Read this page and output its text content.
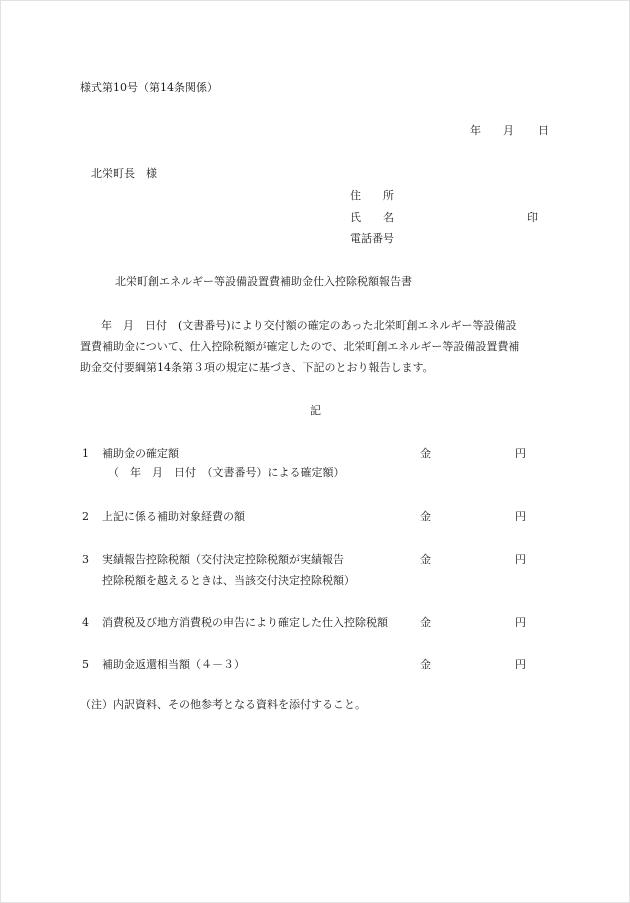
様式第10号（第14条関係）
年 月 日
北栄町長　様
住　　所
氏　　名	印
電話番号
北栄町創エネルギー等設備設置費補助金仕入控除税額報告書
年　月　日付　(文書番号)により交付額の確定のあった北栄町創エネルギー等設備設
置費補助金について、仕入控除税額が確定したので、北栄町創エネルギー等設備設置費補
助金交付要綱第14条第３項の規定に基づき、下記のとおり報告します。
記
1	補助金の確定額	金	円
（　年　月　日付　（文書番号）による確定額）
2	上記に係る補助対象経費の額	金	円
3	実績報告控除税額（交付決定控除税額が実績報告	金	円
控除税額を越えるときは、当該交付決定控除税額）
4	消費税及び地方消費税の申告により確定した仕入控除税額	金	円
5	補助金返還相当額（４－３）	金	円
（注）内訳資料、その他参考となる資料を添付すること。
